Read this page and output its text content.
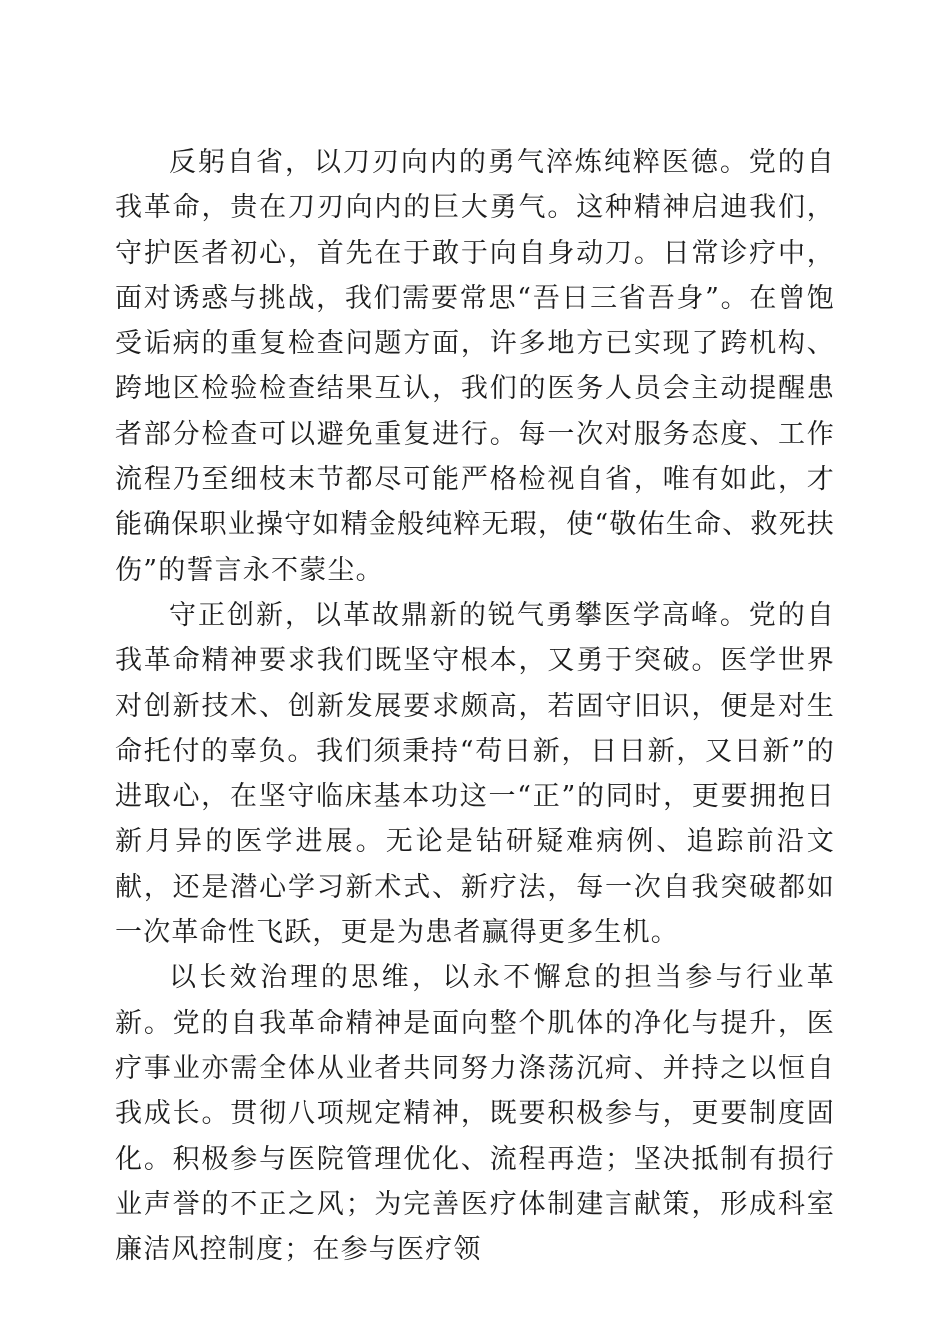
反躬自省，以刀刃向内的勇气淬炼纯粹医德。党的自我革命，贵在刀刃向内的巨大勇气。这种精神启迪我们，守护医者初心，首先在于敢于向自身动刀。日常诊疗中，面对诱惑与挑战，我们需要常思“吾日三省吾身”。在曾饱受诟病的重复检查问题方面，许多地方已实现了跨机构、跨地区检验检查结果互认，我们的医务人员会主动提醒患者部分检查可以避免重复进行。每一次对服务态度、工作流程乃至细枝末节都尽可能严格检视自省，唯有如此，才能确保职业操守如精金般纯粹无瑕，使“敬佑生命、救死扶伤”的誓言永不蒙尘。

守正创新，以革故鼎新的锐气勇攀医学高峰。党的自我革命精神要求我们既坚守根本，又勇于突破。医学世界对创新技术、创新发展要求颇高，若固守旧识，便是对生命托付的辜负。我们须秉持“苟日新，日日新，又日新”的进取心，在坚守临床基本功这一“正”的同时，更要拥抱日新月异的医学进展。无论是钻研疑难病例、追踪前沿文献，还是潜心学习新术式、新疗法，每一次自我突破都如一次革命性飞跃，更是为患者赢得更多生机。

以长效治理的思维，以永不懈怠的担当参与行业革新。党的自我革命精神是面向整个肌体的净化与提升，医疗事业亦需全体从业者共同努力涤荡沉疴、并持之以恒自我成长。贯彻八项规定精神，既要积极参与，更要制度固化。积极参与医院管理优化、流程再造；坚决抵制有损行业声誉的不正之风；为完善医疗体制建言献策，形成科室廉洁风控制度；在参与医疗领
